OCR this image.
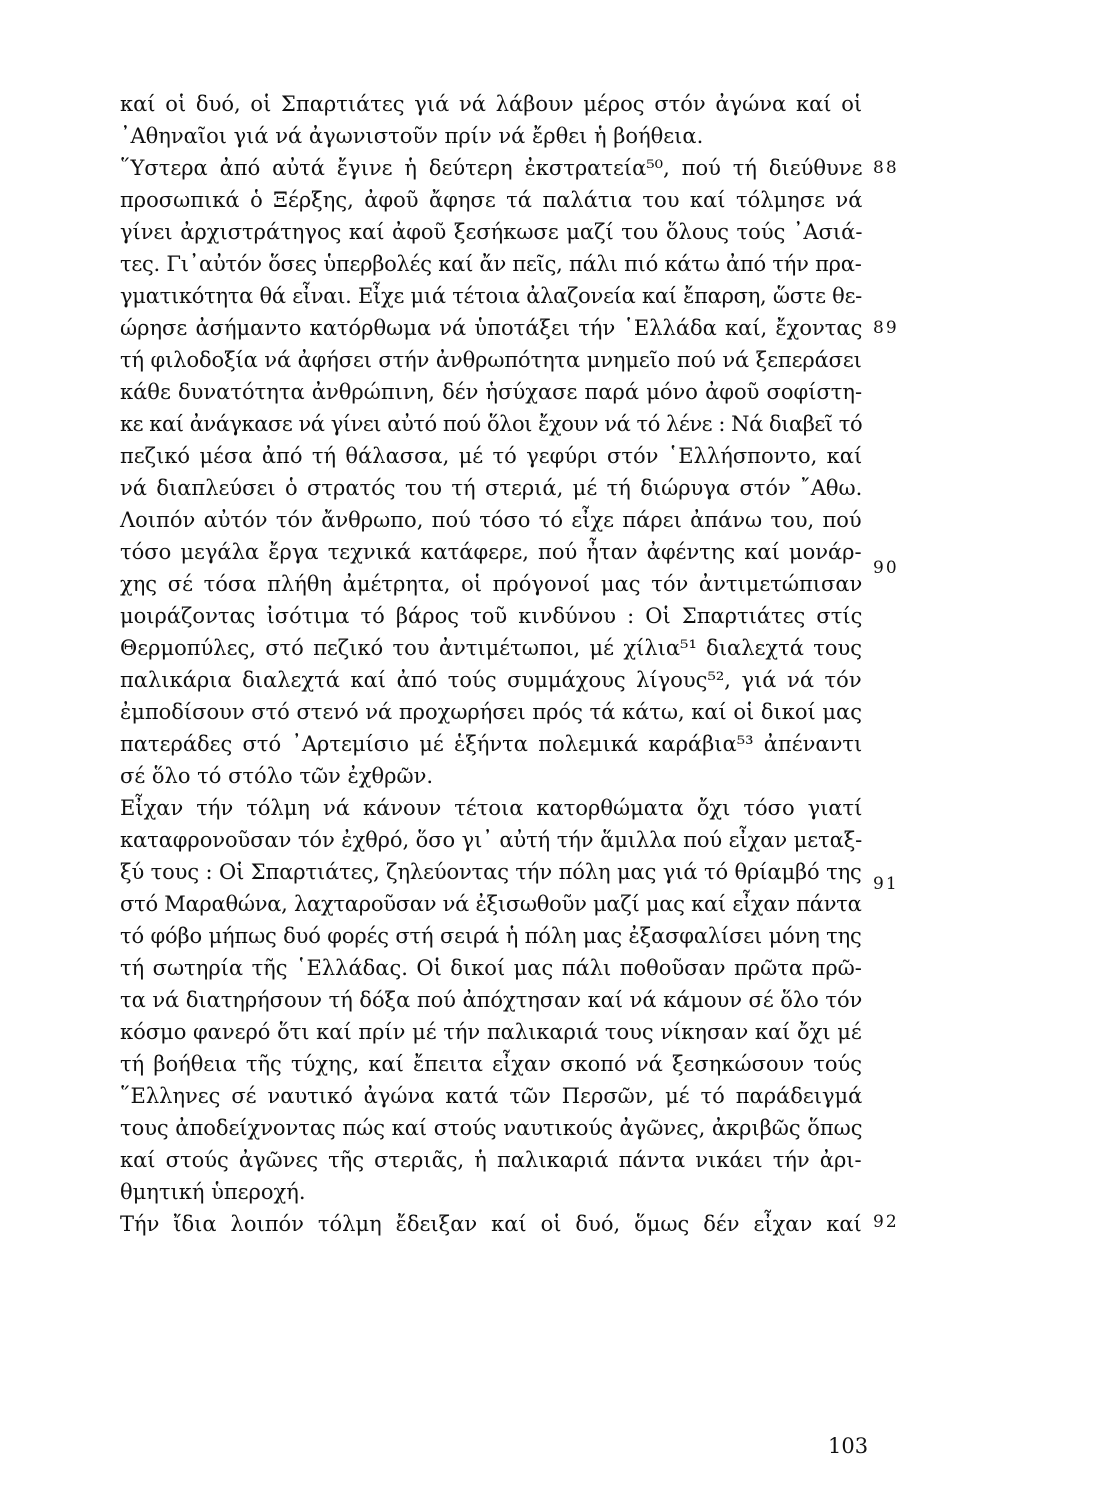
καί οἱ δυό, οἱ Σπαρτιάτες γιά νά λάβουν μέρος στόν ἀγώνα καί οἱ
᾿Αθηναῖοι γιά νά ἀγωνιστοῦν πρίν νά ἔρθει ἡ βοήθεια.
῞Υστερα ἀπό αὐτά ἔγινε ἡ δεύτερη ἐκστρατεία⁵⁰, πού τή διεύθυνε
προσωπικά ὁ Ξέρξης, ἀφοῦ ἄφησε τά παλάτια του καί τόλμησε νά
γίνει ἀρχιστράτηγος καί ἀφοῦ ξεσήκωσε μαζί του ὅλους τούς ᾿Ασιά-
τες. Γι᾿αὐτόν ὅσες ὑπερβολές καί ἄν πεῖς, πάλι πιό κάτω ἀπό τήν πρα-
γματικότητα θά εἶναι. Εἶχε μιά τέτοια ἀλαζονεία καί ἔπαρση, ὥστε θε-
ώρησε ἀσήμαντο κατόρθωμα νά ὑποτάξει τήν ῾Ελλάδα καί, ἔχοντας
τή φιλοδοξία νά ἀφήσει στήν ἀνθρωπότητα μνημεῖο πού νά ξεπεράσει
κάθε δυνατότητα ἀνθρώπινη, δέν ἡσύχασε παρά μόνο ἀφοῦ σοφίστη-
κε καί ἀνάγκασε νά γίνει αὐτό πού ὅλοι ἔχουν νά τό λένε : Νά διαβεῖ τό
πεζικό μέσα ἀπό τή θάλασσα, μέ τό γεφύρι στόν ῾Ελλήσποντο, καί
νά διαπλεύσει ὁ στρατός του τή στεριά, μέ τή διώρυγα στόν ῎Αθω.
Λοιπόν αὐτόν τόν ἄνθρωπο, πού τόσο τό εἶχε πάρει ἀπάνω του, πού
τόσο μεγάλα ἔργα τεχνικά κατάφερε, πού ἦταν ἀφέντης καί μονάρ-
χης σέ τόσα πλήθη ἀμέτρητα, οἱ πρόγονοί μας τόν ἀντιμετώπισαν
μοιράζοντας ἰσότιμα τό βάρος τοῦ κινδύνου : Οἱ Σπαρτιάτες στίς
Θερμοπύλες, στό πεζικό του ἀντιμέτωποι, μέ χίλια⁵¹ διαλεχτά τους
παλικάρια διαλεχτά καί ἀπό τούς συμμάχους λίγους⁵², γιά νά τόν
ἐμποδίσουν στό στενό νά προχωρήσει πρός τά κάτω, καί οἱ δικοί μας
πατεράδες στό ᾿Αρτεμίσιο μέ ἑξήντα πολεμικά καράβια⁵³ ἀπέναντι
σέ ὅλο τό στόλο τῶν ἐχθρῶν.
Εἶχαν τήν τόλμη νά κάνουν τέτοια κατορθώματα ὄχι τόσο γιατί
καταφρονοῦσαν τόν ἐχθρό, ὅσο γι᾿ αὐτή τήν ἅμιλλα πού εἶχαν μεταξ-
ξύ τους : Οἱ Σπαρτιάτες, ζηλεύοντας τήν πόλη μας γιά τό θρίαμβό της
στό Μαραθώνα, λαχταροῦσαν νά ἐξισωθοῦν μαζί μας καί εἶχαν πάντα
τό φόβο μήπως δυό φορές στή σειρά ἡ πόλη μας ἐξασφαλίσει μόνη της
τή σωτηρία τῆς ῾Ελλάδας. Οἱ δικοί μας πάλι ποθοῦσαν πρῶτα πρῶ-
τα νά διατηρήσουν τή δόξα πού ἀπόχτησαν καί νά κάμουν σέ ὅλο τόν
κόσμο φανερό ὅτι καί πρίν μέ τήν παλικαριά τους νίκησαν καί ὄχι μέ
τή βοήθεια τῆς τύχης, καί ἔπειτα εἶχαν σκοπό νά ξεσηκώσουν τούς
῞Ελληνες σέ ναυτικό ἀγώνα κατά τῶν Περσῶν, μέ τό παράδειγμά
τους ἀποδείχνοντας πώς καί στούς ναυτικούς ἀγῶνες, ἀκριβῶς ὅπως
καί στούς ἀγῶνες τῆς στεριᾶς, ἡ παλικαριά πάντα νικάει τήν ἀρι-
θμητική ὑπεροχή.
Τήν ἴδια λοιπόν τόλμη ἔδειξαν καί οἱ δυό, ὅμως δέν εἶχαν καί
88
89
90
91
92
103
